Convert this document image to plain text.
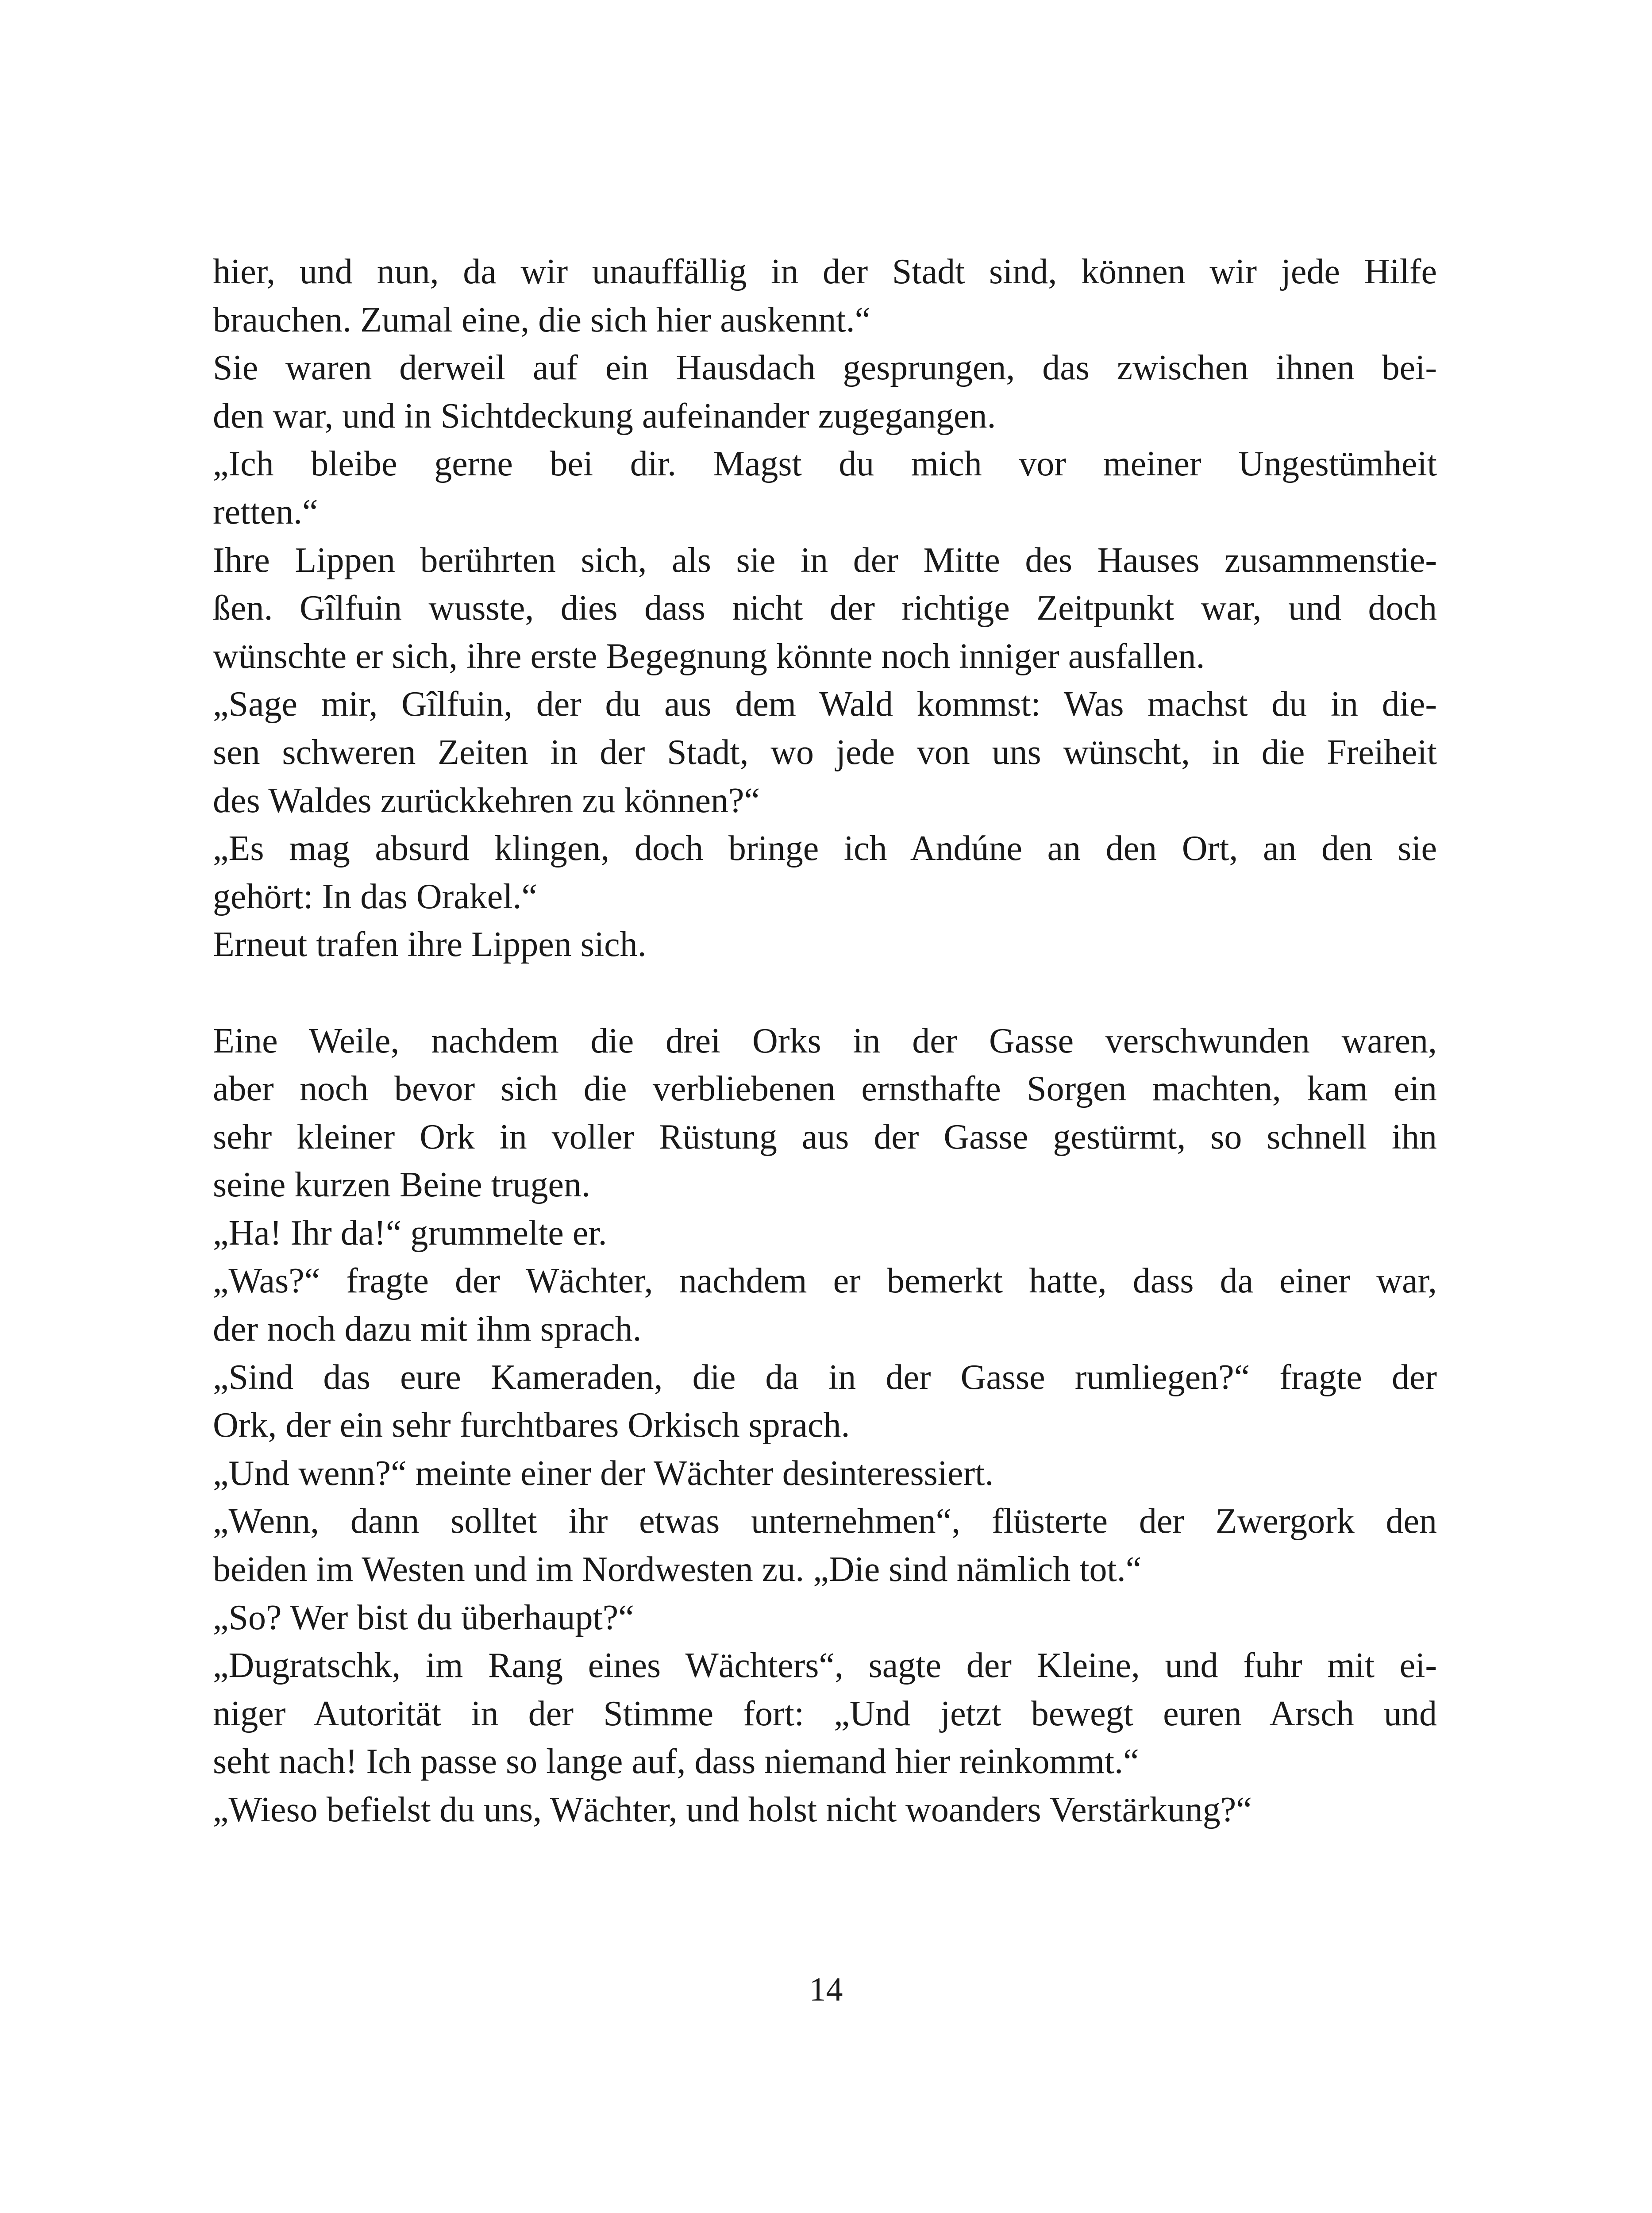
hier, und nun, da wir unauffällig in der Stadt sind, können wir jede Hilfe
brauchen. Zumal eine, die sich hier auskennt.“
Sie waren derweil auf ein Hausdach gesprungen, das zwischen ihnen bei-
den war, und in Sichtdeckung aufeinander zugegangen.
„Ich bleibe gerne bei dir. Magst du mich vor meiner Ungestümheit
retten.“
Ihre Lippen berührten sich, als sie in der Mitte des Hauses zusammenstie-
ßen. Gîlfuin wusste, dies dass nicht der richtige Zeitpunkt war, und doch
wünschte er sich, ihre erste Begegnung könnte noch inniger ausfallen.
„Sage mir, Gîlfuin, der du aus dem Wald kommst: Was machst du in die-
sen schweren Zeiten in der Stadt, wo jede von uns wünscht, in die Freiheit
des Waldes zurückkehren zu können?“
„Es mag absurd klingen, doch bringe ich Andúne an den Ort, an den sie
gehört: In das Orakel.“
Erneut trafen ihre Lippen sich.
Eine Weile, nachdem die drei Orks in der Gasse verschwunden waren,
aber noch bevor sich die verbliebenen ernsthafte Sorgen machten, kam ein
sehr kleiner Ork in voller Rüstung aus der Gasse gestürmt, so schnell ihn
seine kurzen Beine trugen.
„Ha! Ihr da!“ grummelte er.
„Was?“ fragte der Wächter, nachdem er bemerkt hatte, dass da einer war,
der noch dazu mit ihm sprach.
„Sind das eure Kameraden, die da in der Gasse rumliegen?“ fragte der
Ork, der ein sehr furchtbares Orkisch sprach.
„Und wenn?“ meinte einer der Wächter desinteressiert.
„Wenn, dann solltet ihr etwas unternehmen“, flüsterte der Zwergork den
beiden im Westen und im Nordwesten zu. „Die sind nämlich tot.“
„So? Wer bist du überhaupt?“
„Dugratschk, im Rang eines Wächters“, sagte der Kleine, und fuhr mit ei-
niger Autorität in der Stimme fort: „Und jetzt bewegt euren Arsch und
seht nach! Ich passe so lange auf, dass niemand hier reinkommt.“
„Wieso befielst du uns, Wächter, und holst nicht woanders Verstärkung?“
14
